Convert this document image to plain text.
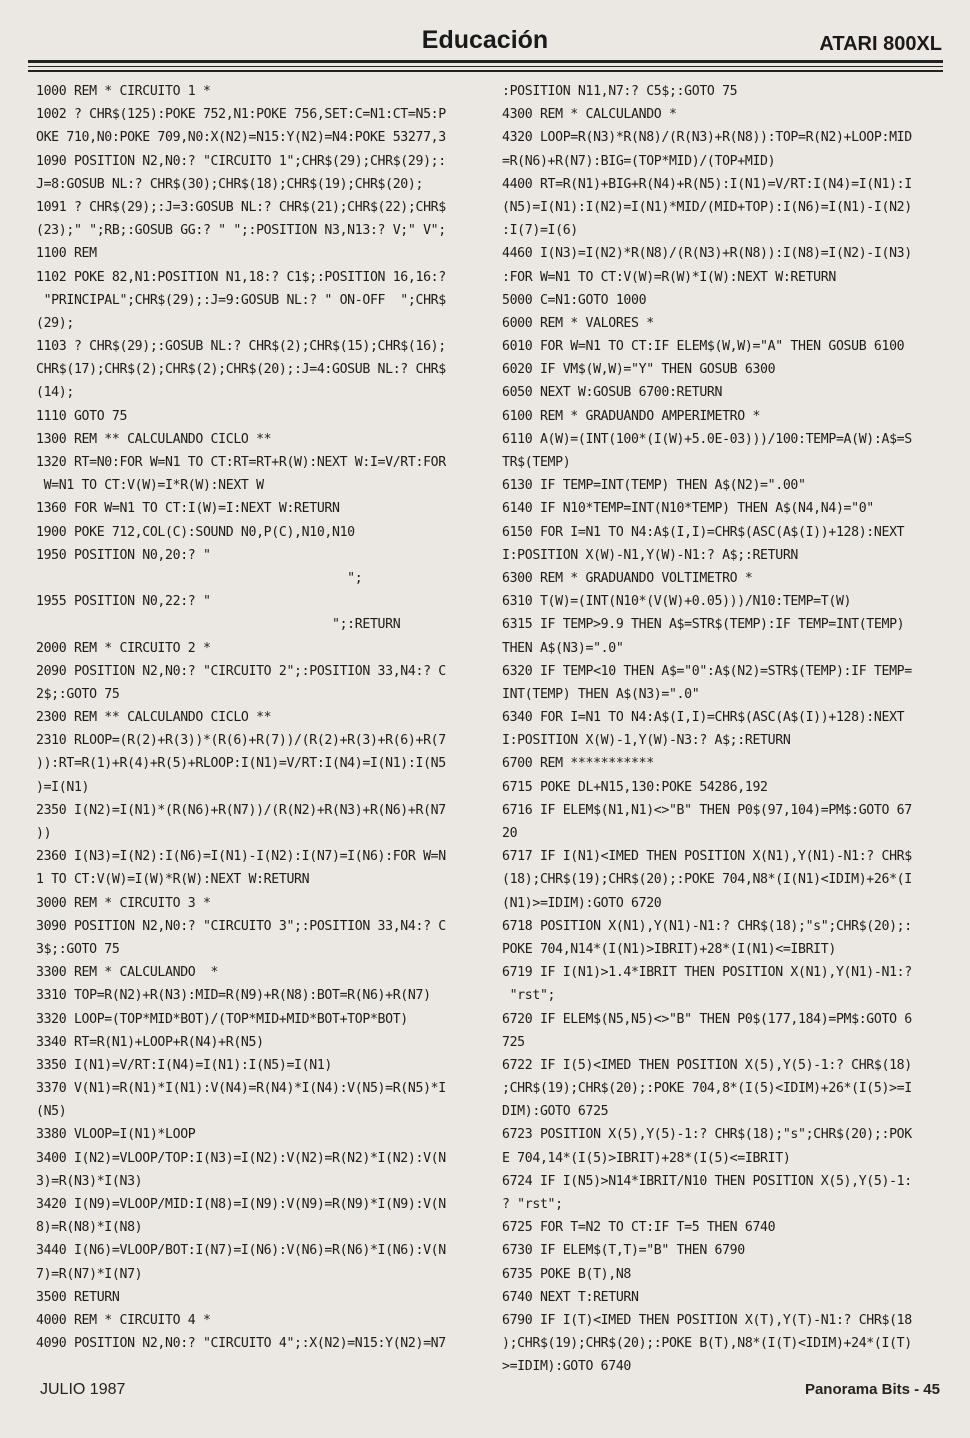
Educación	ATARI 800XL
1000 REM * CIRCUITO 1 *
1002 ? CHR$(125):POKE 752,N1:POKE 756,SET:C=N1:CT=N5:P
OKE 710,N0:POKE 709,N0:X(N2)=N15:Y(N2)=N4:POKE 53277,3
1090 POSITION N2,N0:? "CIRCUITO 1";CHR$(29);CHR$(29);:
J=8:GOSUB NL:? CHR$(30);CHR$(18);CHR$(19);CHR$(20);
1091 ? CHR$(29);:J=3:GOSUB NL:? CHR$(21);CHR$(22);CHR$
(23);" ";RB;:GOSUB GG:? " ";:POSITION N3,N13:? V;" V";
1100 REM
1102 POKE 82,N1:POSITION N1,18:? C1$;:POSITION 16,16:?
"PRINCIPAL";CHR$(29);:J=9:GOSUB NL:? " ON-OFF  ";CHR$
(29);
1103 ? CHR$(29);:GOSUB NL:? CHR$(2);CHR$(15);CHR$(16);
CHR$(17);CHR$(2);CHR$(2);CHR$(20);:J=4:GOSUB NL:? CHR$
(14);
1110 GOTO 75
1300 REM ** CALCULANDO CICLO **
1320 RT=N0:FOR W=N1 TO CT:RT=RT+R(W):NEXT W:I=V/RT:FOR
W=N1 TO CT:V(W)=I*R(W):NEXT W
1360 FOR W=N1 TO CT:I(W)=I:NEXT W:RETURN
1900 POKE 712,COL(C):SOUND N0,P(C),N10,N10
1950 POSITION N0,20:? "
";
1955 POSITION N0,22:? "
";:RETURN
2000 REM * CIRCUITO 2 *
2090 POSITION N2,N0:? "CIRCUITO 2";:POSITION 33,N4:? C
2$;:GOTO 75
2300 REM ** CALCULANDO CICLO **
2310 RLOOP=(R(2)+R(3))*(R(6)+R(7))/(R(2)+R(3)+R(6)+R(7
)):RT=R(1)+R(4)+R(5)+RLOOP:I(N1)=V/RT:I(N4)=I(N1):I(N5
)=I(N1)
2350 I(N2)=I(N1)*(R(N6)+R(N7))/(R(N2)+R(N3)+R(N6)+R(N7
))
2360 I(N3)=I(N2):I(N6)=I(N1)-I(N2):I(N7)=I(N6):FOR W=N
1 TO CT:V(W)=I(W)*R(W):NEXT W:RETURN
3000 REM * CIRCUITO 3 *
3090 POSITION N2,N0:? "CIRCUITO 3";:POSITION 33,N4:? C
3$;:GOTO 75
3300 REM * CALCULANDO  *
3310 TOP=R(N2)+R(N3):MID=R(N9)+R(N8):BOT=R(N6)+R(N7)
3320 LOOP=(TOP*MID*BOT)/(TOP*MID+MID*BOT+TOP*BOT)
3340 RT=R(N1)+LOOP+R(N4)+R(N5)
3350 I(N1)=V/RT:I(N4)=I(N1):I(N5)=I(N1)
3370 V(N1)=R(N1)*I(N1):V(N4)=R(N4)*I(N4):V(N5)=R(N5)*I
(N5)
3380 VLOOP=I(N1)*LOOP
3400 I(N2)=VLOOP/TOP:I(N3)=I(N2):V(N2)=R(N2)*I(N2):V(N
3)=R(N3)*I(N3)
3420 I(N9)=VLOOP/MID:I(N8)=I(N9):V(N9)=R(N9)*I(N9):V(N
8)=R(N8)*I(N8)
3440 I(N6)=VLOOP/BOT:I(N7)=I(N6):V(N6)=R(N6)*I(N6):V(N
7)=R(N7)*I(N7)
3500 RETURN
4000 REM * CIRCUITO 4 *
4090 POSITION N2,N0:? "CIRCUITO 4";:X(N2)=N15:Y(N2)=N7
:POSITION N11,N7:? C5$;:GOTO 75
4300 REM * CALCULANDO *
4320 LOOP=R(N3)*R(N8)/(R(N3)+R(N8)):TOP=R(N2)+LOOP:MID
=R(N6)+R(N7):BIG=(TOP*MID)/(TOP+MID)
4400 RT=R(N1)+BIG+R(N4)+R(N5):I(N1)=V/RT:I(N4)=I(N1):I
(N5)=I(N1):I(N2)=I(N1)*MID/(MID+TOP):I(N6)=I(N1)-I(N2)
:I(7)=I(6)
4460 I(N3)=I(N2)*R(N8)/(R(N3)+R(N8)):I(N8)=I(N2)-I(N3)
:FOR W=N1 TO CT:V(W)=R(W)*I(W):NEXT W:RETURN
5000 C=N1:GOTO 1000
6000 REM * VALORES *
6010 FOR W=N1 TO CT:IF ELEM$(W,W)="A" THEN GOSUB 6100
6020 IF VM$(W,W)="Y" THEN GOSUB 6300
6050 NEXT W:GOSUB 6700:RETURN
6100 REM * GRADUANDO AMPERIMETRO *
6110 A(W)=(INT(100*(I(W)+5.0E-03)))/100:TEMP=A(W):A$=S
TR$(TEMP)
6130 IF TEMP=INT(TEMP) THEN A$(N2)=".00"
6140 IF N10*TEMP=INT(N10*TEMP) THEN A$(N4,N4)="0"
6150 FOR I=N1 TO N4:A$(I,I)=CHR$(ASC(A$(I))+128):NEXT
I:POSITION X(W)-N1,Y(W)-N1:? A$;:RETURN
6300 REM * GRADUANDO VOLTIMETRO *
6310 T(W)=(INT(N10*(V(W)+0.05)))/N10:TEMP=T(W)
6315 IF TEMP>9.9 THEN A$=STR$(TEMP):IF TEMP=INT(TEMP)
THEN A$(N3)=".0"
6320 IF TEMP<10 THEN A$="0":A$(N2)=STR$(TEMP):IF TEMP=
INT(TEMP) THEN A$(N3)=".0"
6340 FOR I=N1 TO N4:A$(I,I)=CHR$(ASC(A$(I))+128):NEXT
I:POSITION X(W)-1,Y(W)-N3:? A$;:RETURN
6700 REM ***********
6715 POKE DL+N15,130:POKE 54286,192
6716 IF ELEM$(N1,N1)<>"B" THEN P0$(97,104)=PM$:GOTO 67
20
6717 IF I(N1)<IMED THEN POSITION X(N1),Y(N1)-N1:? CHR$
(18);CHR$(19);CHR$(20);:POKE 704,N8*(I(N1)<IDIM)+26*(I
(N1)>=IDIM):GOTO 6720
6718 POSITION X(N1),Y(N1)-N1:? CHR$(18);"s";CHR$(20);:
POKE 704,N14*(I(N1)>IBRIT)+28*(I(N1)<=IBRIT)
6719 IF I(N1)>1.4*IBRIT THEN POSITION X(N1),Y(N1)-N1:?
"rst";
6720 IF ELEM$(N5,N5)<>"B" THEN P0$(177,184)=PM$:GOTO 6
725
6722 IF I(5)<IMED THEN POSITION X(5),Y(5)-1:? CHR$(18)
;CHR$(19);CHR$(20);:POKE 704,8*(I(5)<IDIM)+26*(I(5)>=I
DIM):GOTO 6725
6723 POSITION X(5),Y(5)-1:? CHR$(18);"s";CHR$(20);:POK
E 704,14*(I(5)>IBRIT)+28*(I(5)<=IBRIT)
6724 IF I(N5)>N14*IBRIT/N10 THEN POSITION X(5),Y(5)-1:
? "rst";
6725 FOR T=N2 TO CT:IF T=5 THEN 6740
6730 IF ELEM$(T,T)="B" THEN 6790
6735 POKE B(T),N8
6740 NEXT T:RETURN
6790 IF I(T)<IMED THEN POSITION X(T),Y(T)-N1:? CHR$(18
);CHR$(19);CHR$(20);:POKE B(T),N8*(I(T)<IDIM)+24*(I(T)
>=IDIM):GOTO 6740
JULIO 1987	Panorama Bits - 45
